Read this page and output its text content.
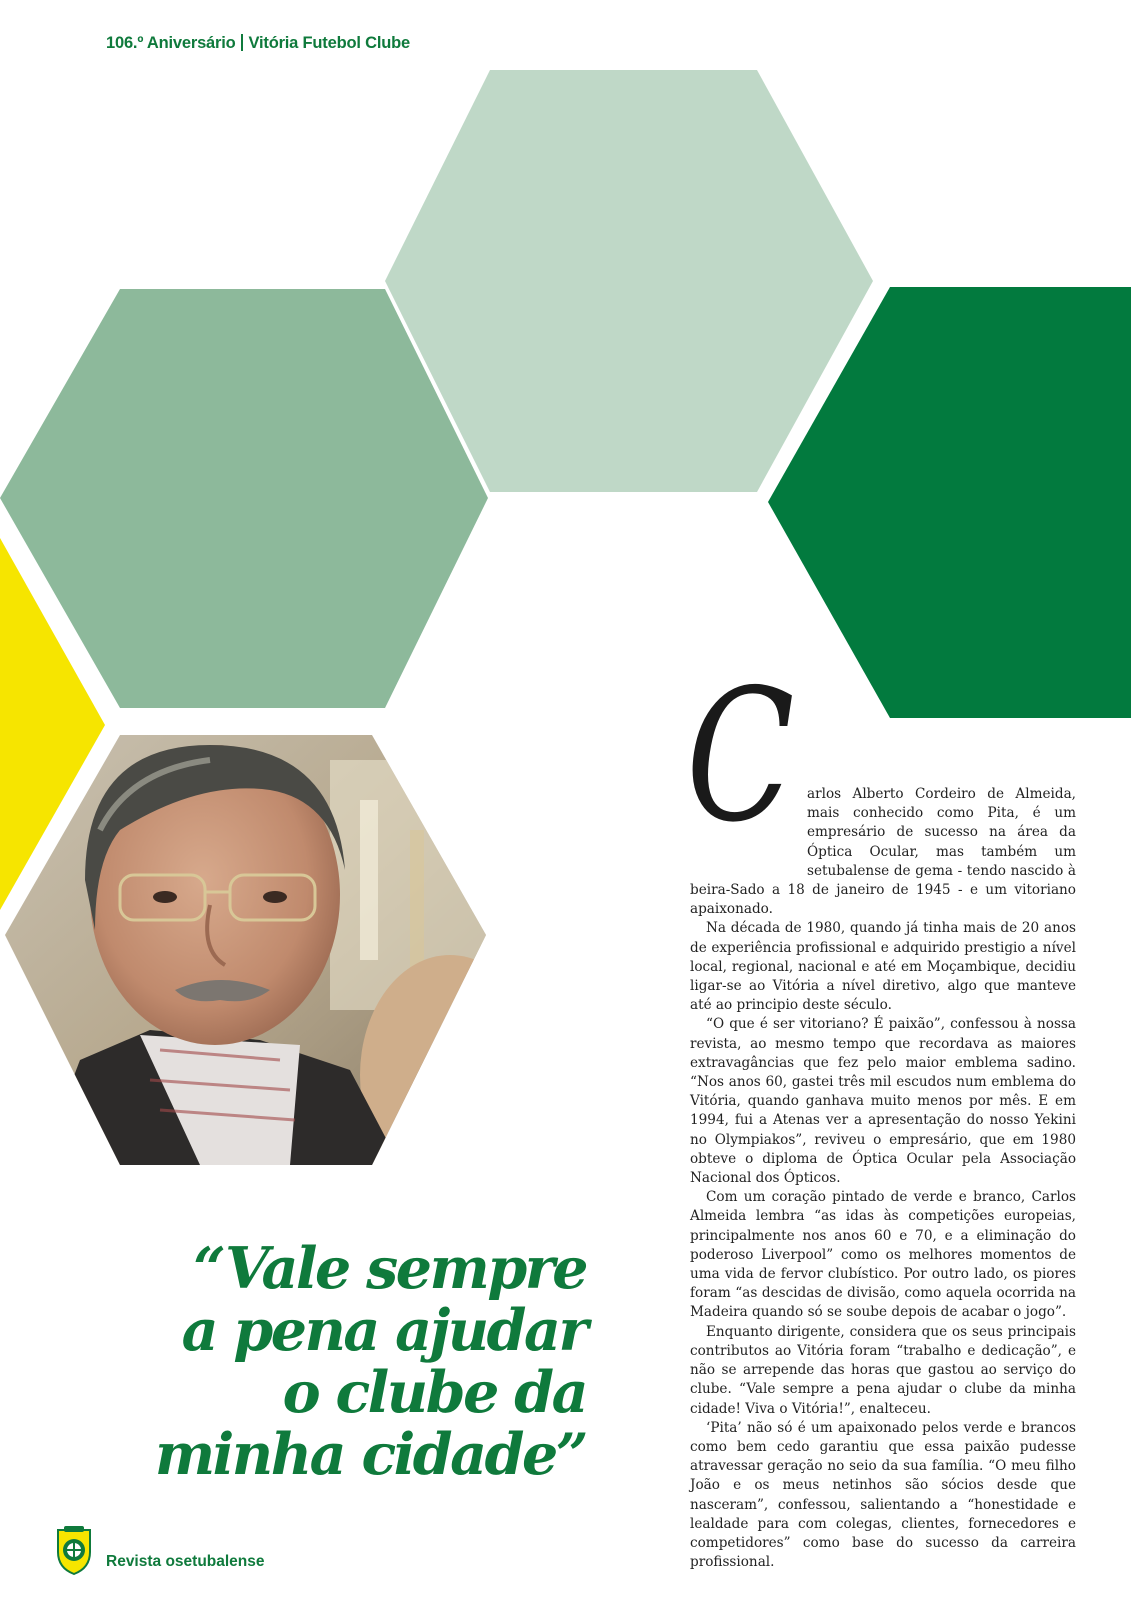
106.º Aniversário Vitória Futebol Clube
C arlos Alberto Cordeiro de Almeida, mais conhecido como Pita, é um empresário de sucesso na área da Óptica Ocular, mas também um setubalense de gema - tendo nascido à beira-Sado a 18 de janeiro de 1945 - e um vitoriano apaixonado.

Na década de 1980, quando já tinha mais de 20 anos de experiência profissional e adquirido prestigio a nível local, regional, nacional e até em Moçambique, decidiu ligar-se ao Vitória a nível diretivo, algo que manteve até ao principio deste século.

“O que é ser vitoriano? É paixão”, confessou à nossa revista, ao mesmo tempo que recordava as maiores extravagâncias que fez pelo maior emblema sadino. “Nos anos 60, gastei três mil escudos num emblema do Vitória, quando ganhava muito menos por mês. E em 1994, fui a Atenas ver a apresentação do nosso Yekini no Olympiakos”, reviveu o empresário, que em 1980 obteve o diploma de Óptica Ocular pela Associação Nacional dos Ópticos.

Com um coração pintado de verde e branco, Carlos Almeida lembra “as idas às competições europeias, principalmente nos anos 60 e 70, e a eliminação do poderoso Liverpool” como os melhores momentos de uma vida de fervor clubístico. Por outro lado, os piores foram “as descidas de divisão, como aquela ocorrida na Madeira quando só se soube depois de acabar o jogo”.

Enquanto dirigente, considera que os seus principais contributos ao Vitória foram “trabalho e dedicação”, e não se arrepende das horas que gastou ao serviço do clube. “Vale sempre a pena ajudar o clube da minha cidade! Viva o Vitória!”, enalteceu.

‘Pita’ não só é um apaixonado pelos verde e brancos como bem cedo garantiu que essa paixão pudesse atravessar geração no seio da sua família. “O meu filho João e os meus netinhos são sócios desde que nasceram”, confessou, salientando a “honestidade e lealdade para com colegas, clientes, fornecedores e competidores” como base do sucesso da carreira profissional.

“Vale sempre
a pena ajudar
o clube da
minha cidade”
Revista osetubalense
